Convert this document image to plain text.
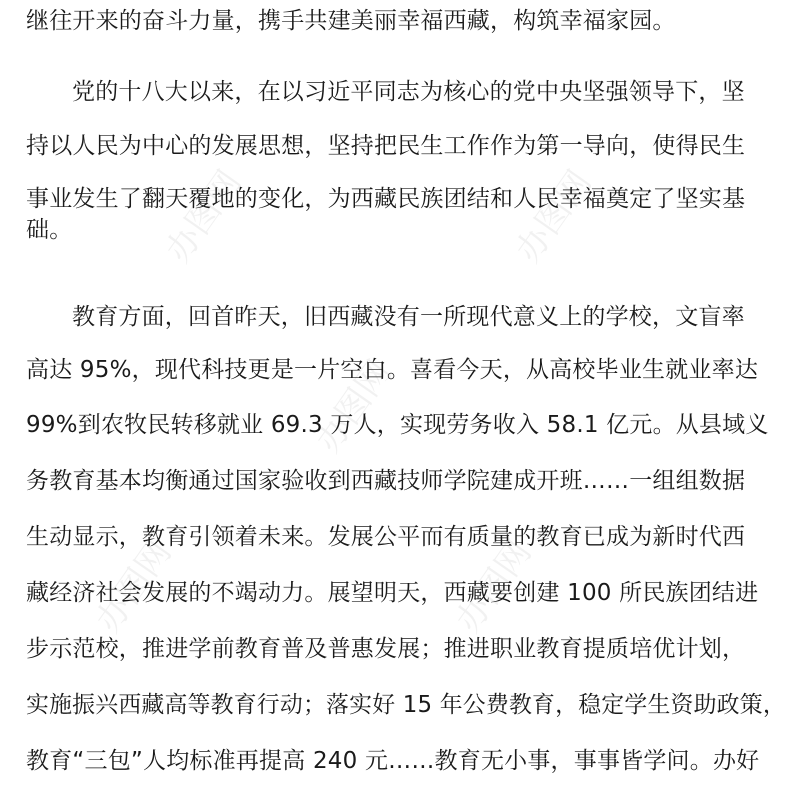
办图网	办图网
办图网
办图网	办图网
继往开来的奋斗力量，携手共建美丽幸福西藏，构筑幸福家园。
党的十八大以来，在以习近平同志为核心的党中央坚强领导下，坚
持以人民为中心的发展思想，坚持把民生工作作为第一导向，使得民生
事业发生了翻天覆地的变化，为西藏民族团结和人民幸福奠定了坚实基
础。
教育方面，回首昨天，旧西藏没有一所现代意义上的学校，文盲率
高达 95%，现代科技更是一片空白。喜看今天，从高校毕业生就业率达
99%到农牧民转移就业 69.3 万人，实现劳务收入 58.1 亿元。从县域义
务教育基本均衡通过国家验收到西藏技师学院建成开班……一组组数据
生动显示，教育引领着未来。发展公平而有质量的教育已成为新时代西
藏经济社会发展的不竭动力。展望明天，西藏要创建 100 所民族团结进
步示范校，推进学前教育普及普惠发展；推进职业教育提质培优计划，
实施振兴西藏高等教育行动；落实好 15 年公费教育，稳定学生资助政策，
教育“三包”人均标准再提高 240 元……教育无小事，事事皆学问。办好
